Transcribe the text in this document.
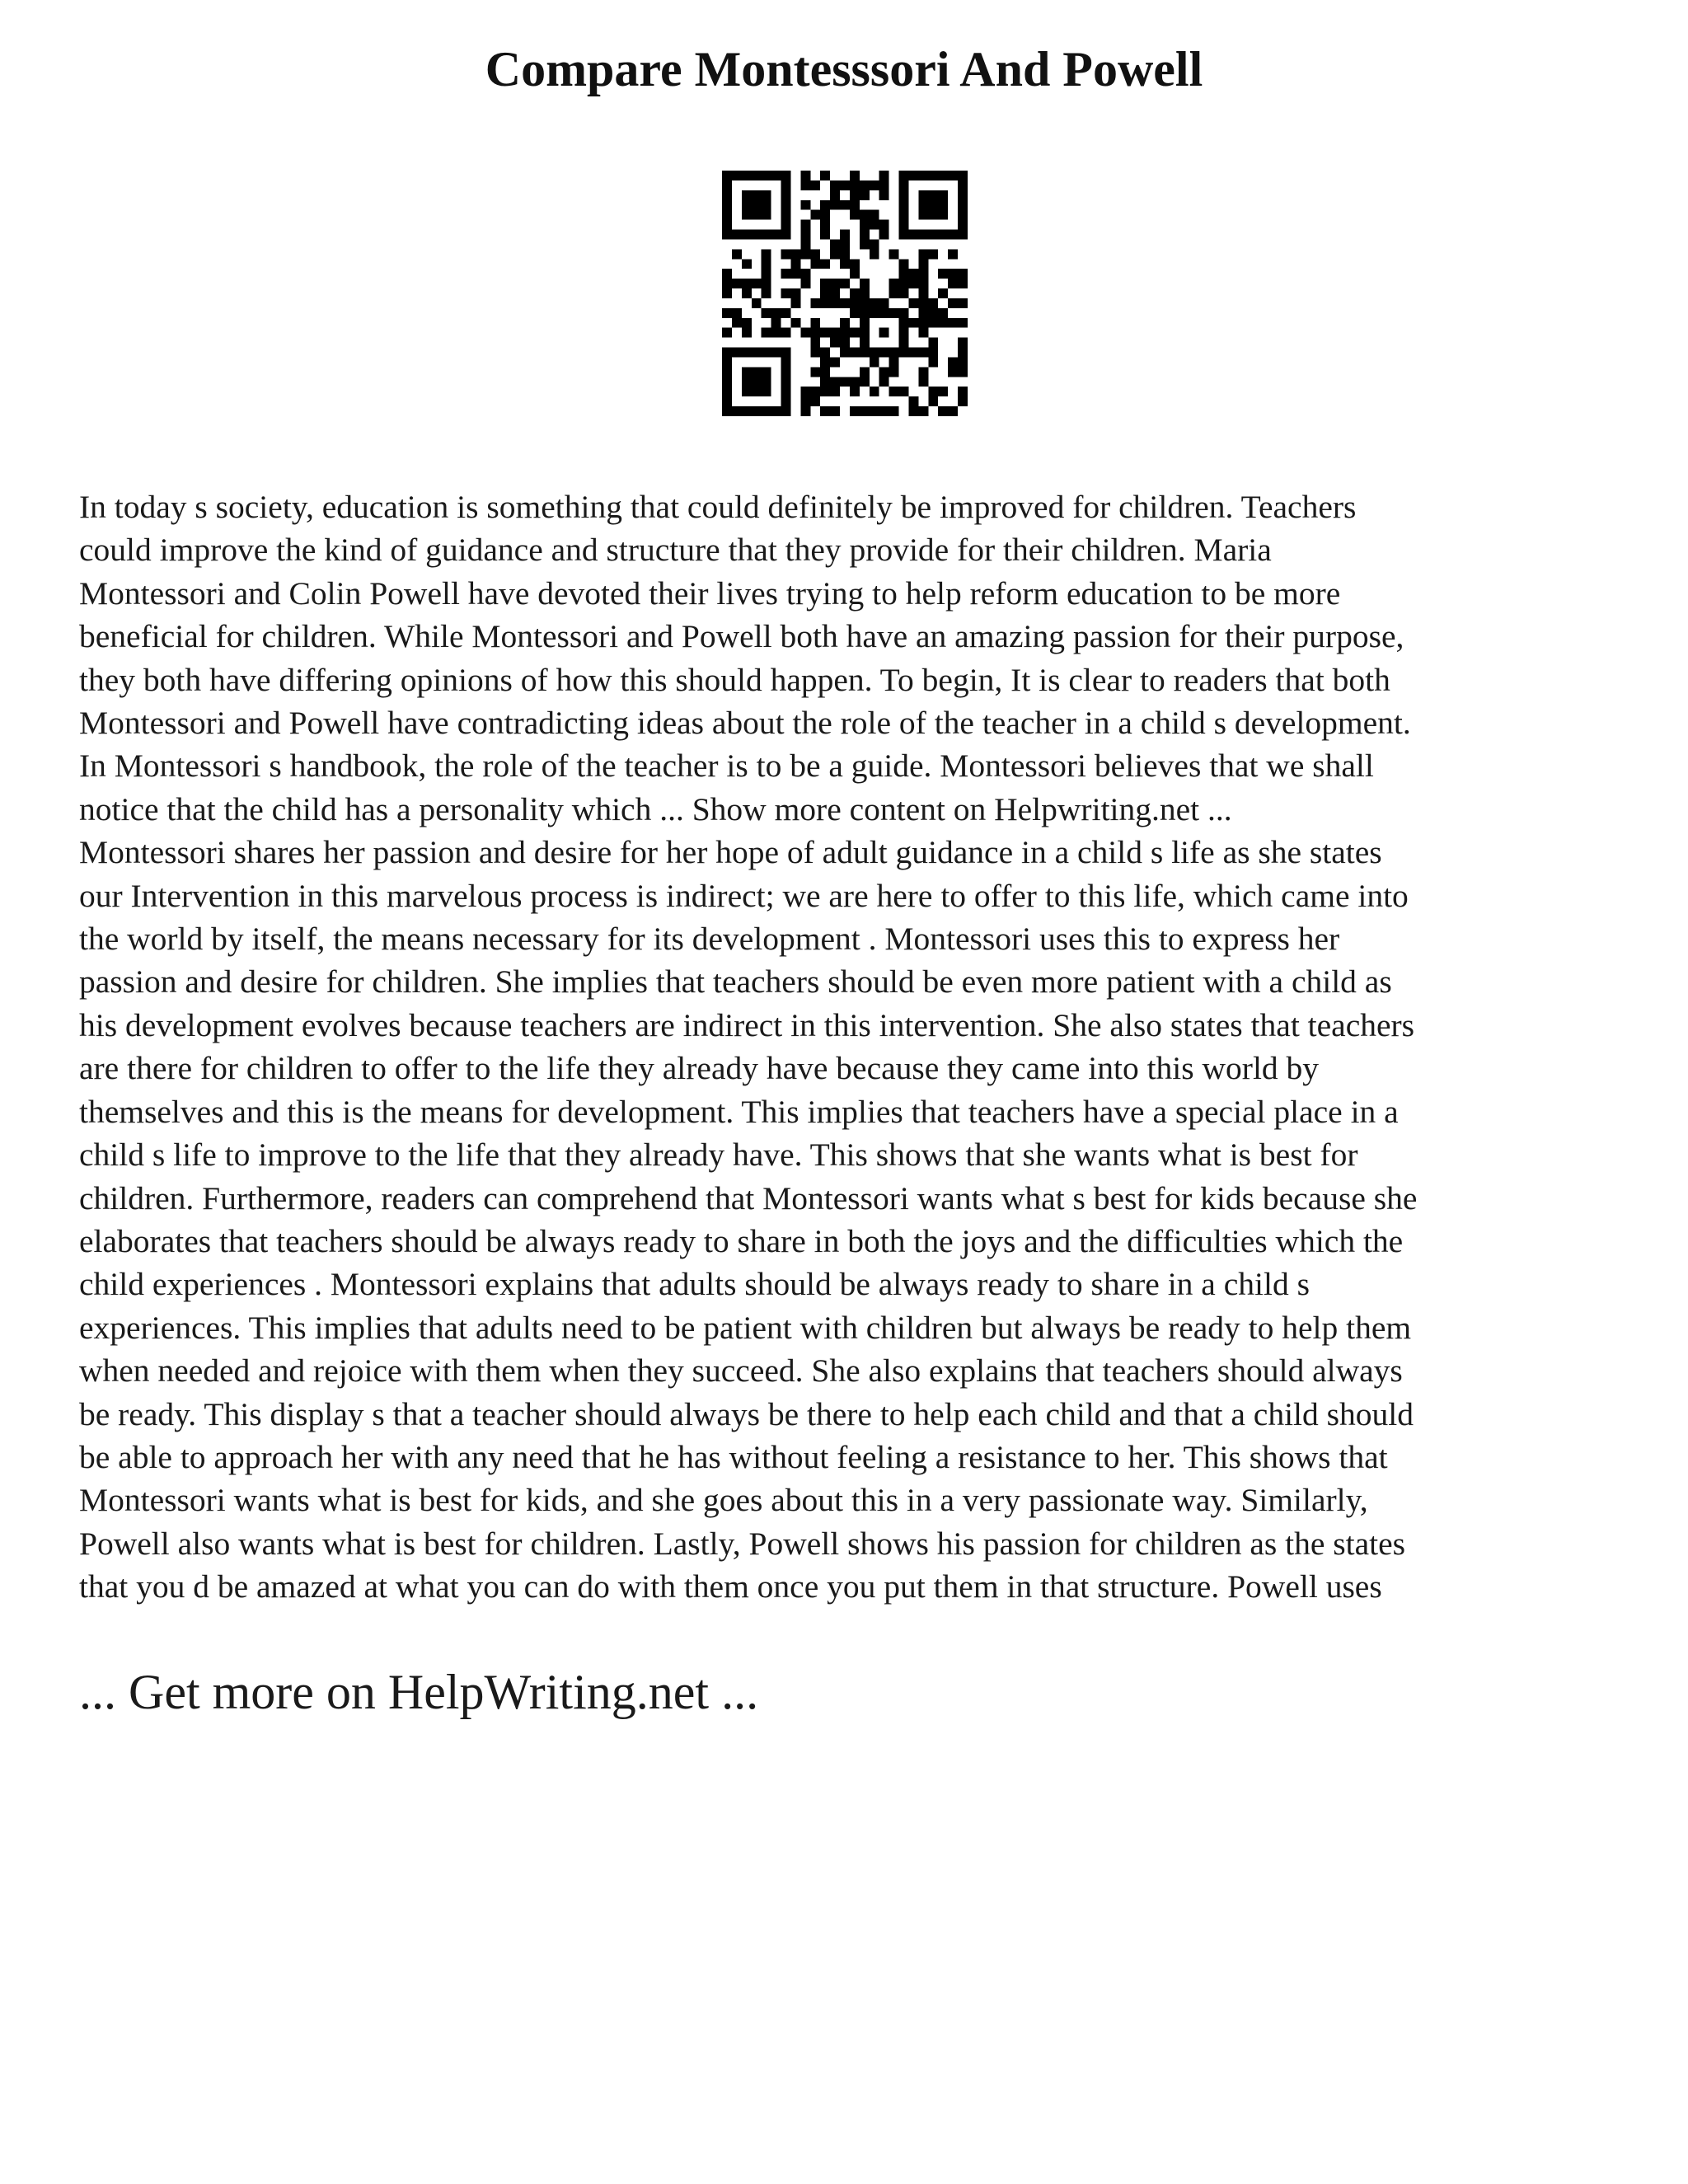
Compare Montesssori And Powell
In today s society, education is something that could definitely be improved for children. Teachers
could improve the kind of guidance and structure that they provide for their children. Maria
Montessori and Colin Powell have devoted their lives trying to help reform education to be more
beneficial for children. While Montessori and Powell both have an amazing passion for their purpose,
they both have differing opinions of how this should happen. To begin, It is clear to readers that both
Montessori and Powell have contradicting ideas about the role of the teacher in a child s development.
In Montessori s handbook, the role of the teacher is to be a guide. Montessori believes that we shall
notice that the child has a personality which ... Show more content on Helpwriting.net ...
Montessori shares her passion and desire for her hope of adult guidance in a child s life as she states
our Intervention in this marvelous process is indirect; we are here to offer to this life, which came into
the world by itself, the means necessary for its development . Montessori uses this to express her
passion and desire for children. She implies that teachers should be even more patient with a child as
his development evolves because teachers are indirect in this intervention. She also states that teachers
are there for children to offer to the life they already have because they came into this world by
themselves and this is the means for development. This implies that teachers have a special place in a
child s life to improve to the life that they already have. This shows that she wants what is best for
children. Furthermore, readers can comprehend that Montessori wants what s best for kids because she
elaborates that teachers should be always ready to share in both the joys and the difficulties which the
child experiences . Montessori explains that adults should be always ready to share in a child s
experiences. This implies that adults need to be patient with children but always be ready to help them
when needed and rejoice with them when they succeed. She also explains that teachers should always
be ready. This display s that a teacher should always be there to help each child and that a child should
be able to approach her with any need that he has without feeling a resistance to her. This shows that
Montessori wants what is best for kids, and she goes about this in a very passionate way. Similarly,
Powell also wants what is best for children. Lastly, Powell shows his passion for children as the states
that you d be amazed at what you can do with them once you put them in that structure. Powell uses
... Get more on HelpWriting.net ...
